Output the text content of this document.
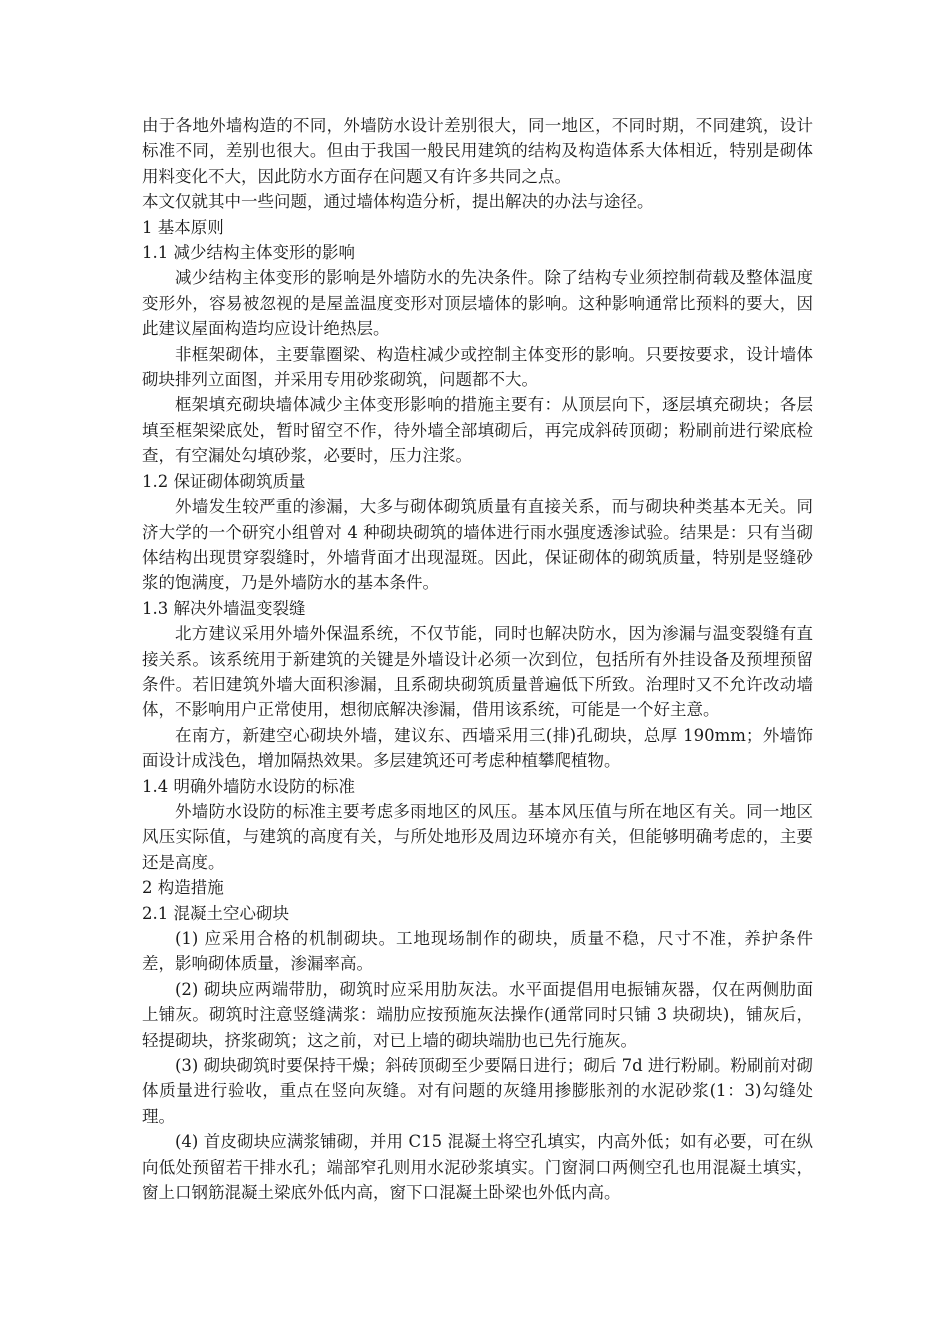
由于各地外墙构造的不同，外墙防水设计差别很大，同一地区，不同时期，不同建筑，设计标准不同，差别也很大。但由于我国一般民用建筑的结构及构造体系大体相近，特别是砌体用料变化不大，因此防水方面存在问题又有许多共同之点。

本文仅就其中一些问题，通过墙体构造分析，提出解决的办法与途径。

1 基本原则

1.1 减少结构主体变形的影响

减少结构主体变形的影响是外墙防水的先决条件。除了结构专业须控制荷载及整体温度变形外，容易被忽视的是屋盖温度变形对顶层墙体的影响。这种影响通常比预料的要大，因此建议屋面构造均应设计绝热层。

非框架砌体，主要靠圈梁、构造柱减少或控制主体变形的影响。只要按要求，设计墙体砌块排列立面图，并采用专用砂浆砌筑，问题都不大。

框架填充砌块墙体减少主体变形影响的措施主要有：从顶层向下，逐层填充砌块；各层填至框架梁底处，暂时留空不作，待外墙全部填砌后，再完成斜砖顶砌；粉刷前进行梁底检查，有空漏处勾填砂浆，必要时，压力注浆。

1.2 保证砌体砌筑质量

外墙发生较严重的渗漏，大多与砌体砌筑质量有直接关系，而与砌块种类基本无关。同济大学的一个研究小组曾对 4 种砌块砌筑的墙体进行雨水强度透渗试验。结果是：只有当砌体结构出现贯穿裂缝时，外墙背面才出现湿斑。因此，保证砌体的砌筑质量，特别是竖缝砂浆的饱满度，乃是外墙防水的基本条件。

1.3 解决外墙温变裂缝

北方建议采用外墙外保温系统，不仅节能，同时也解决防水，因为渗漏与温变裂缝有直接关系。该系统用于新建筑的关键是外墙设计必须一次到位，包括所有外挂设备及预埋预留条件。若旧建筑外墙大面积渗漏，且系砌块砌筑质量普遍低下所致。治理时又不允许改动墙体，不影响用户正常使用，想彻底解决渗漏，借用该系统，可能是一个好主意。

在南方，新建空心砌块外墙，建议东、西墙采用三(排)孔砌块，总厚 190mm；外墙饰面设计成浅色，增加隔热效果。多层建筑还可考虑种植攀爬植物。

1.4 明确外墙防水设防的标准

外墙防水设防的标准主要考虑多雨地区的风压。基本风压值与所在地区有关。同一地区风压实际值，与建筑的高度有关，与所处地形及周边环境亦有关，但能够明确考虑的，主要还是高度。

2 构造措施

2.1 混凝土空心砌块

(1) 应采用合格的机制砌块。工地现场制作的砌块，质量不稳，尺寸不准，养护条件差，影响砌体质量，渗漏率高。

(2) 砌块应两端带肋，砌筑时应采用肋灰法。水平面提倡用电振铺灰器，仅在两侧肋面上铺灰。砌筑时注意竖缝满浆：端肋应按预施灰法操作(通常同时只铺 3 块砌块)，铺灰后，轻提砌块，挤浆砌筑；这之前，对已上墙的砌块端肋也已先行施灰。

(3) 砌块砌筑时要保持干燥；斜砖顶砌至少要隔日进行；砌后 7d 进行粉刷。粉刷前对砌体质量进行验收，重点在竖向灰缝。对有问题的灰缝用掺膨胀剂的水泥砂浆(1：3)勾缝处理。

(4) 首皮砌块应满浆铺砌，并用 C15 混凝土将空孔填实，内高外低；如有必要，可在纵向低处预留若干排水孔；端部窄孔则用水泥砂浆填实。门窗洞口两侧空孔也用混凝土填实，窗上口钢筋混凝土梁底外低内高，窗下口混凝土卧梁也外低内高。
